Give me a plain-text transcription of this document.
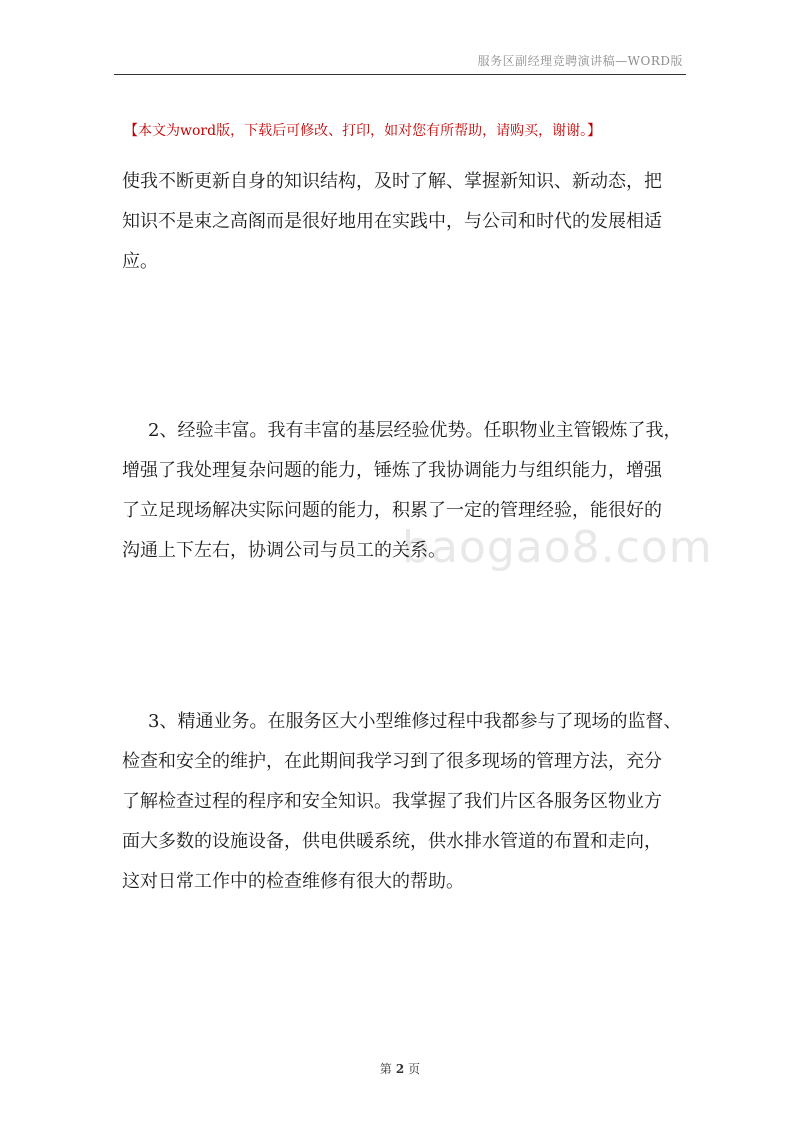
服务区副经理竞聘演讲稿—WORD版
【本文为word版，下载后可修改、打印，如对您有所帮助，请购买，谢谢。】
baogao8.com

使我不断更新自身的知识结构，及时了解、掌握新知识、新动态，把
知识不是束之高阁而是很好地用在实践中，与公司和时代的发展相适
应。

2、经验丰富。我有丰富的基层经验优势。任职物业主管锻炼了我，
增强了我处理复杂问题的能力，锤炼了我协调能力与组织能力，增强
了立足现场解决实际问题的能力，积累了一定的管理经验，能很好的
沟通上下左右，协调公司与员工的关系。

3、精通业务。在服务区大小型维修过程中我都参与了现场的监督、
检查和安全的维护，在此期间我学习到了很多现场的管理方法，充分
了解检查过程的程序和安全知识。我掌握了我们片区各服务区物业方
面大多数的设施设备，供电供暖系统，供水排水管道的布置和走向，
这对日常工作中的检查维修有很大的帮助。

第 2 页
